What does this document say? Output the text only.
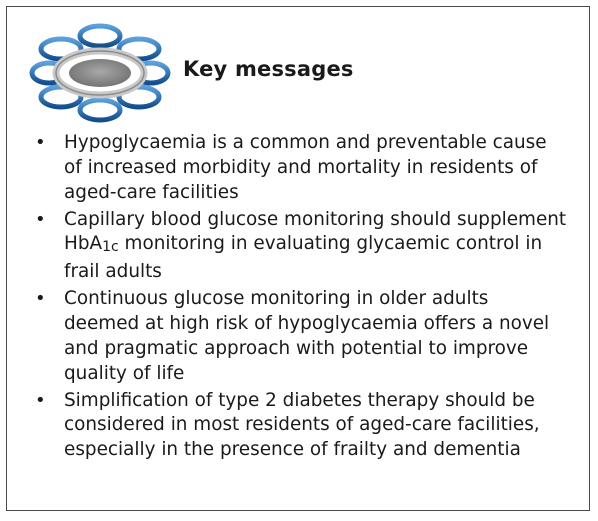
Key messages
• Hypoglycaemia is a common and preventable cause of increased morbidity and mortality in residents of aged-care facilities
• Capillary blood glucose monitoring should supplement HbA1c monitoring in evaluating glycaemic control in frail adults
• Continuous glucose monitoring in older adults deemed at high risk of hypoglycaemia offers a novel and pragmatic approach with potential to improve quality of life
• Simplification of type 2 diabetes therapy should be considered in most residents of aged-care facilities, especially in the presence of frailty and dementia
